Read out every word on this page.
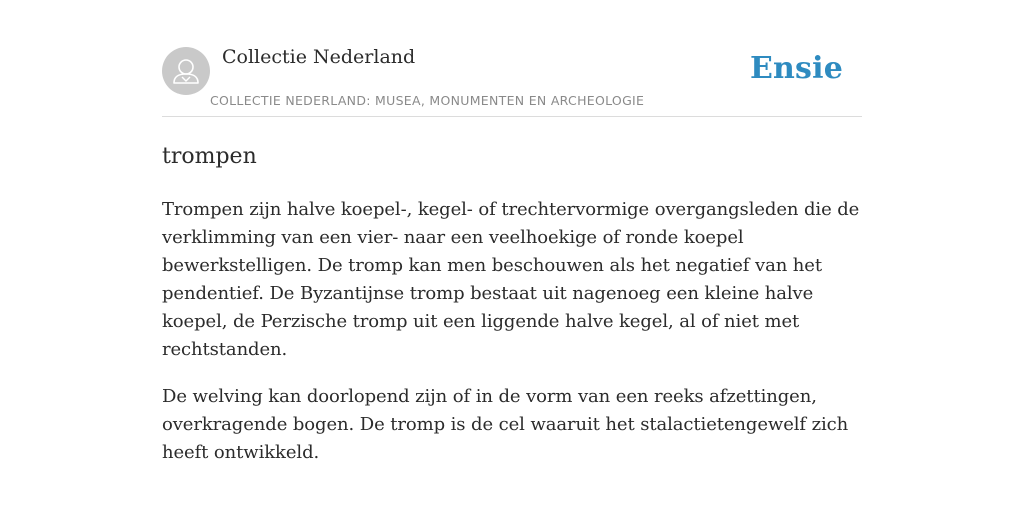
Collectie Nederland
COLLECTIE NEDERLAND: MUSEA, MONUMENTEN EN ARCHEOLOGIE
Ensie
trompen

Trompen zijn halve koepel-, kegel- of trechtervormige overgangsleden die de verklimming van een vier- naar een veelhoekige of ronde koepel bewerkstelligen. De tromp kan men beschouwen als het negatief van het pendentief. De Byzantijnse tromp bestaat uit nagenoeg een kleine halve koepel, de Perzische tromp uit een liggende halve kegel, al of niet met rechtstanden.

De welving kan doorlopend zijn of in de vorm van een reeks afzettingen, overkragende bogen. De tromp is de cel waaruit het stalactietengewelf zich heeft ontwikkeld.
